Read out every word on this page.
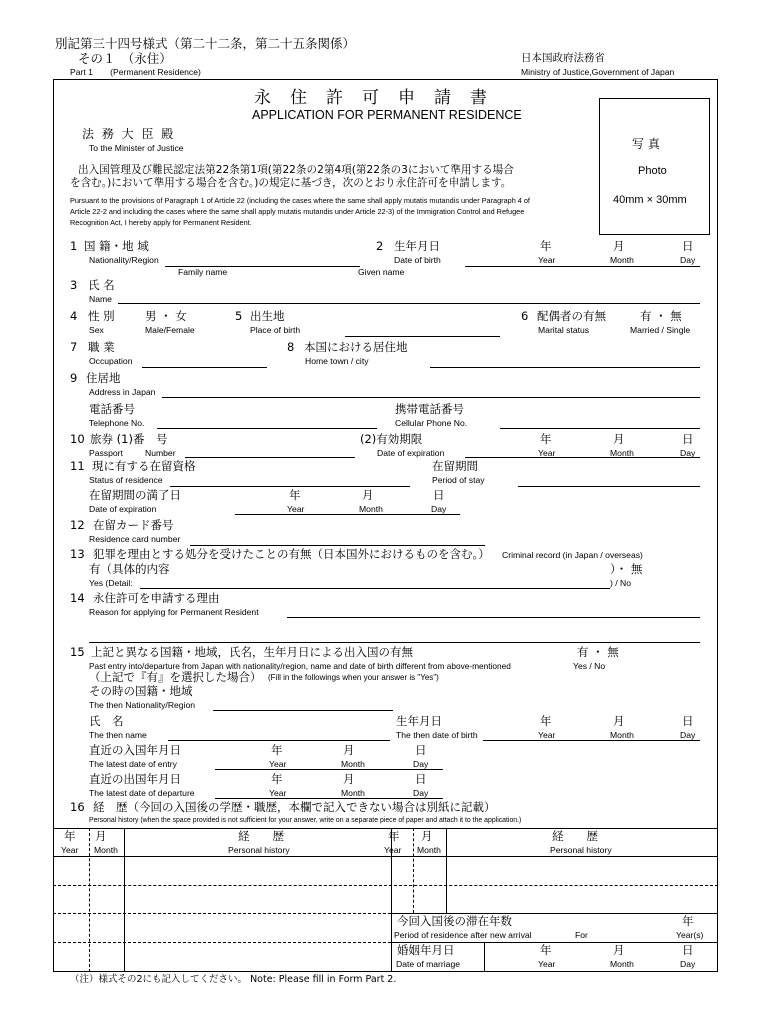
別記第三十四号様式（第二十二条，第二十五条関係）
その１　（永住）
Part 1　　(Permanent Residence)
日本国政府法務省
Ministry of Justice,Government of Japan
永　住　許　可　申　請　書
APPLICATION FOR PERMANENT RESIDENCE
写 真
Photo
40mm × 30mm
法 務 大 臣 殿
To the Minister of Justice
出入国管理及び難民認定法第22条第1項(第22条の2第4項(第22条の3において準用する場合
を含む。)において準用する場合を含む。)の規定に基づき，次のとおり永住許可を申請します。
Pursuant to the provisions of Paragraph 1 of Article 22 (including the cases where the same shall apply mutatis mutandis under Paragraph 4 of
Article 22-2 and including the cases where the same shall apply mutatis mutandis under Article 22-3) of the Immigration Control and Refugee
Recognition Act, I hereby apply for Permanent Resident.
1 国 籍・地 域
Nationality/Region
2 生年月日
Date of birth
年	月	日
Year	Month	Day
Family name	Given name
3 氏 名
Name
4 性 別
Sex
男 ・ 女
Male/Female
5 出生地
Place of birth
6 配偶者の有無
Marital status
有 ・ 無
Married / Single
7 職 業
Occupation
8 本国における居住地
Home town / city
9 住居地
Address in Japan
電話番号
Telephone No.
携帯電話番号
Cellular Phone No.
10 旅券 (1)番　号
Passport	Number
(2)有効期限
Date of expiration
年	月	日
Year	Month	Day
11 現に有する在留資格
Status of residence
在留期間
Period of stay
在留期間の満了日
Date of expiration
年	月	日
Year	Month	Day
12 在留カード番号
Residence card number
13 犯罪を理由とする処分を受けたことの有無（日本国外におけるものを含む。） Criminal record (in Japan / overseas)
有（具体的内容
Yes (Detail:
）・ 無
) / No
14 永住許可を申請する理由
Reason for applying for Permanent Resident
15 上記と異なる国籍・地域，氏名，生年月日による出入国の有無
Past entry into/departure from Japan with nationality/region, name and date of birth different from above-mentioned
有 ・ 無
Yes / No
（上記で『有』を選択した場合） (Fill in the followings when your answer is "Yes")
その時の国籍・地域
The then Nationality/Region
氏　名
The then name
生年月日
The then date of birth
年	月	日
Year	Month	Day
直近の入国年月日
The latest date of entry
年	月	日
Year	Month	Day
直近の出国年月日
The latest date of departure
年	月	日
Year	Month	Day
16 経　歴（今回の入国後の学歴・職歴，本欄で記入できない場合は別紙に記載）
Personal history (when the space provided is not sufficient for your answer, write on a separate piece of paper and attach it to the application.)
年
Year
月
Month
経　　歴
Personal history
年
Year
月
Month
経　　歴
Personal history
今回入国後の滞在年数
Period of residence after new arrival	For
年
Year(s)
婚姻年月日
Date of marriage
年	月	日
Year	Month	Day
（注）様式その2にも記入してください。 Note: Please fill in Form Part 2.
